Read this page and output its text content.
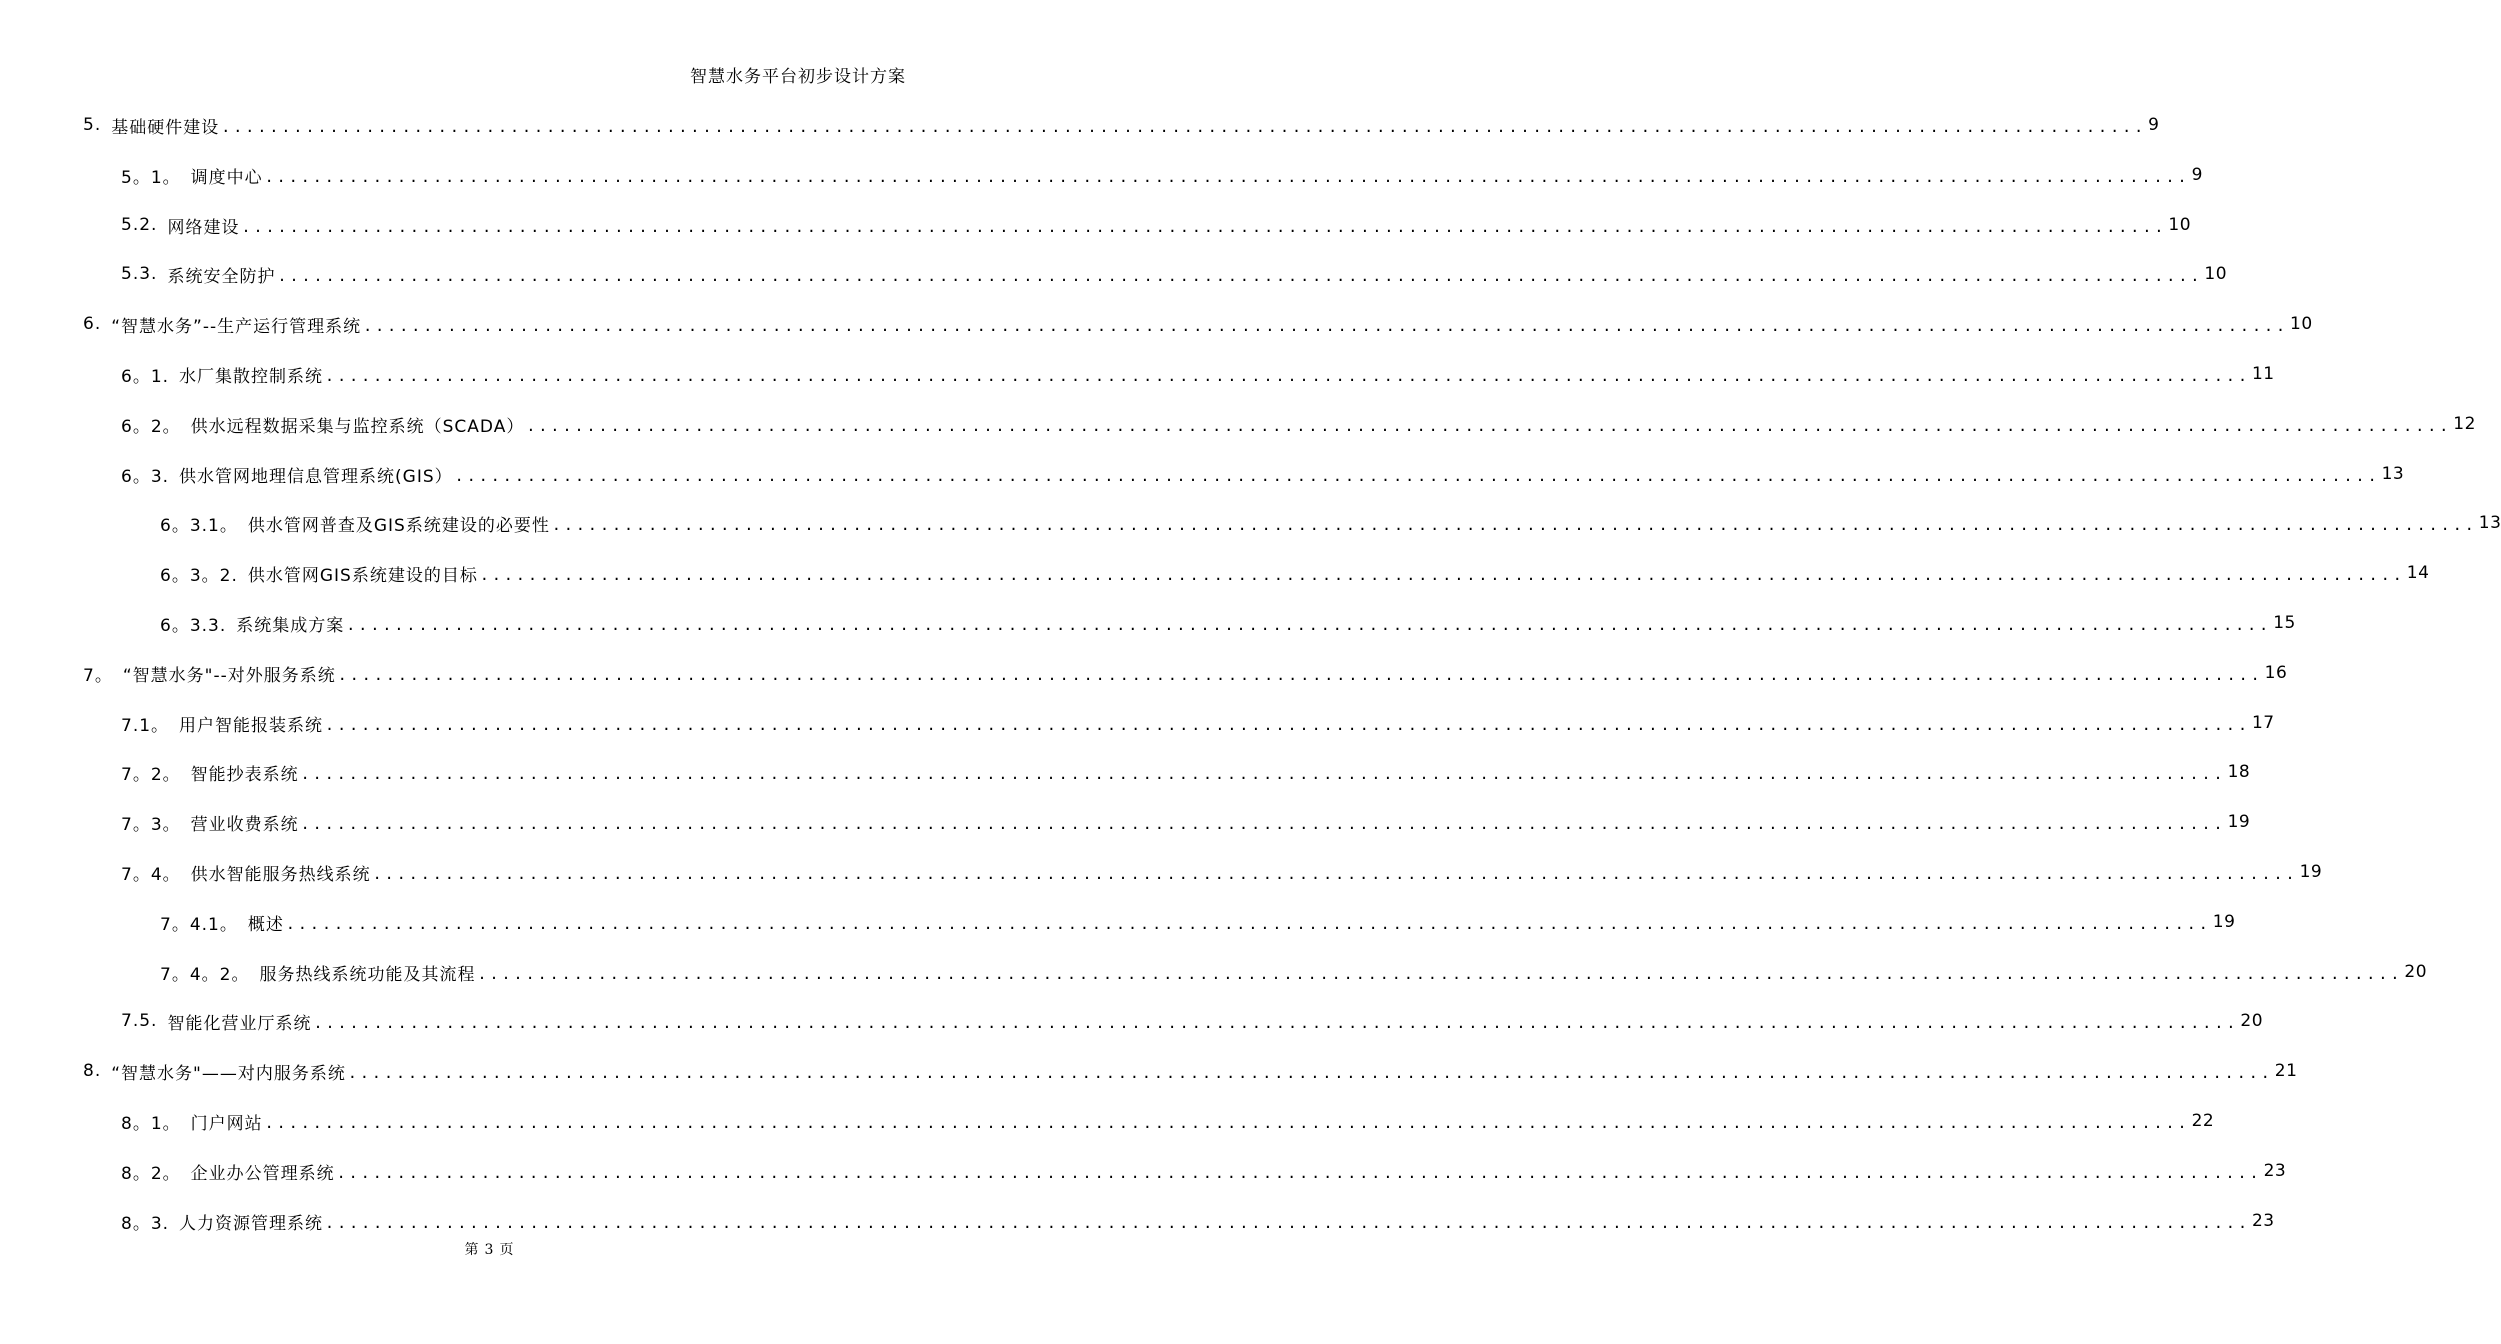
智慧水务平台初步设计方案
5. 基础硬件建设 ................................................................................................................................................................ 9
5。1。 调度中心 ................................................................................................................................................................ 9
5.2. 网络建设 ................................................................................................................................................................ 10
5.3. 系统安全防护 ................................................................................................................................................................ 10
6. “智慧水务”--生产运行管理系统 ................................................................................................................................................................ 10
6。1. 水厂集散控制系统 ................................................................................................................................................................ 11
6。2。 供水远程数据采集与监控系统（SCADA） ................................................................................................................................................................ 12
6。3. 供水管网地理信息管理系统(GIS） ................................................................................................................................................................ 13
6。3.1。 供水管网普查及GIS系统建设的必要性 ................................................................................................................................................................ 13
6。3。2. 供水管网GIS系统建设的目标 ................................................................................................................................................................ 14
6。3.3. 系统集成方案 ................................................................................................................................................................ 15
7。 “智慧水务"--对外服务系统 ................................................................................................................................................................ 16
7.1。 用户智能报装系统 ................................................................................................................................................................ 17
7。2。 智能抄表系统 ................................................................................................................................................................ 18
7。3。 营业收费系统 ................................................................................................................................................................ 19
7。4。 供水智能服务热线系统 ................................................................................................................................................................ 19
7。4.1。 概述 ................................................................................................................................................................ 19
7。4。2。 服务热线系统功能及其流程 ................................................................................................................................................................ 20
7.5. 智能化营业厅系统 ................................................................................................................................................................ 20
8. “智慧水务"——对内服务系统 ................................................................................................................................................................ 21
8。1。 门户网站 ................................................................................................................................................................ 22
8。2。 企业办公管理系统 ................................................................................................................................................................ 23
8。3. 人力资源管理系统 ................................................................................................................................................................ 23
第 3 页
